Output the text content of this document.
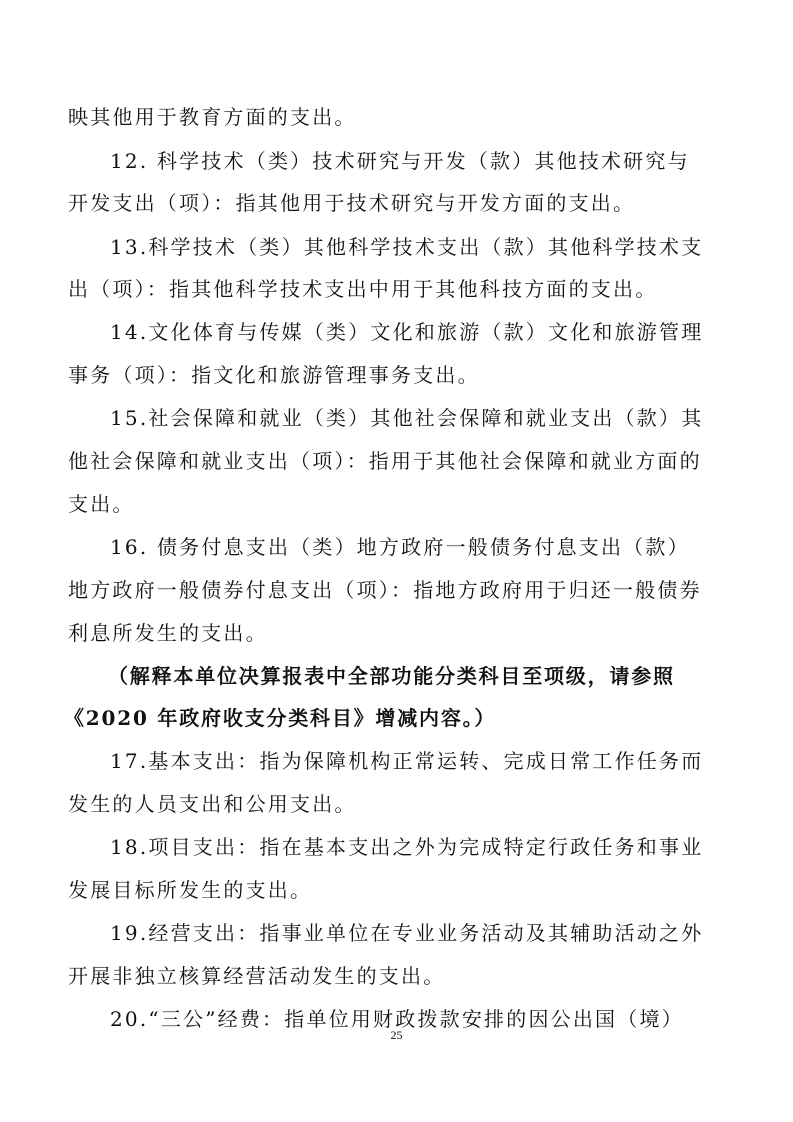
映其他用于教育方面的支出。
12. 科学技术（类）技术研究与开发（款）其他技术研究与
开发支出（项）：指其他用于技术研究与开发方面的支出。
13.科学技术（类）其他科学技术支出（款）其他科学技术支
出（项）：指其他科学技术支出中用于其他科技方面的支出。
14.文化体育与传媒（类）文化和旅游（款）文化和旅游管理
事务（项）：指文化和旅游管理事务支出。
15.社会保障和就业（类）其他社会保障和就业支出（款）其
他社会保障和就业支出（项）：指用于其他社会保障和就业方面的
支出。
16. 债务付息支出（类）地方政府一般债务付息支出（款）
地方政府一般债券付息支出（项）：指地方政府用于归还一般债券
利息所发生的支出。
（解释本单位决算报表中全部功能分类科目至项级，请参照
《2020 年政府收支分类科目》增减内容。）
17.基本支出：指为保障机构正常运转、完成日常工作任务而
发生的人员支出和公用支出。
18.项目支出：指在基本支出之外为完成特定行政任务和事业
发展目标所发生的支出。
19.经营支出：指事业单位在专业业务活动及其辅助活动之外
开展非独立核算经营活动发生的支出。
20.“三公”经费：指单位用财政拨款安排的因公出国（境）
25
